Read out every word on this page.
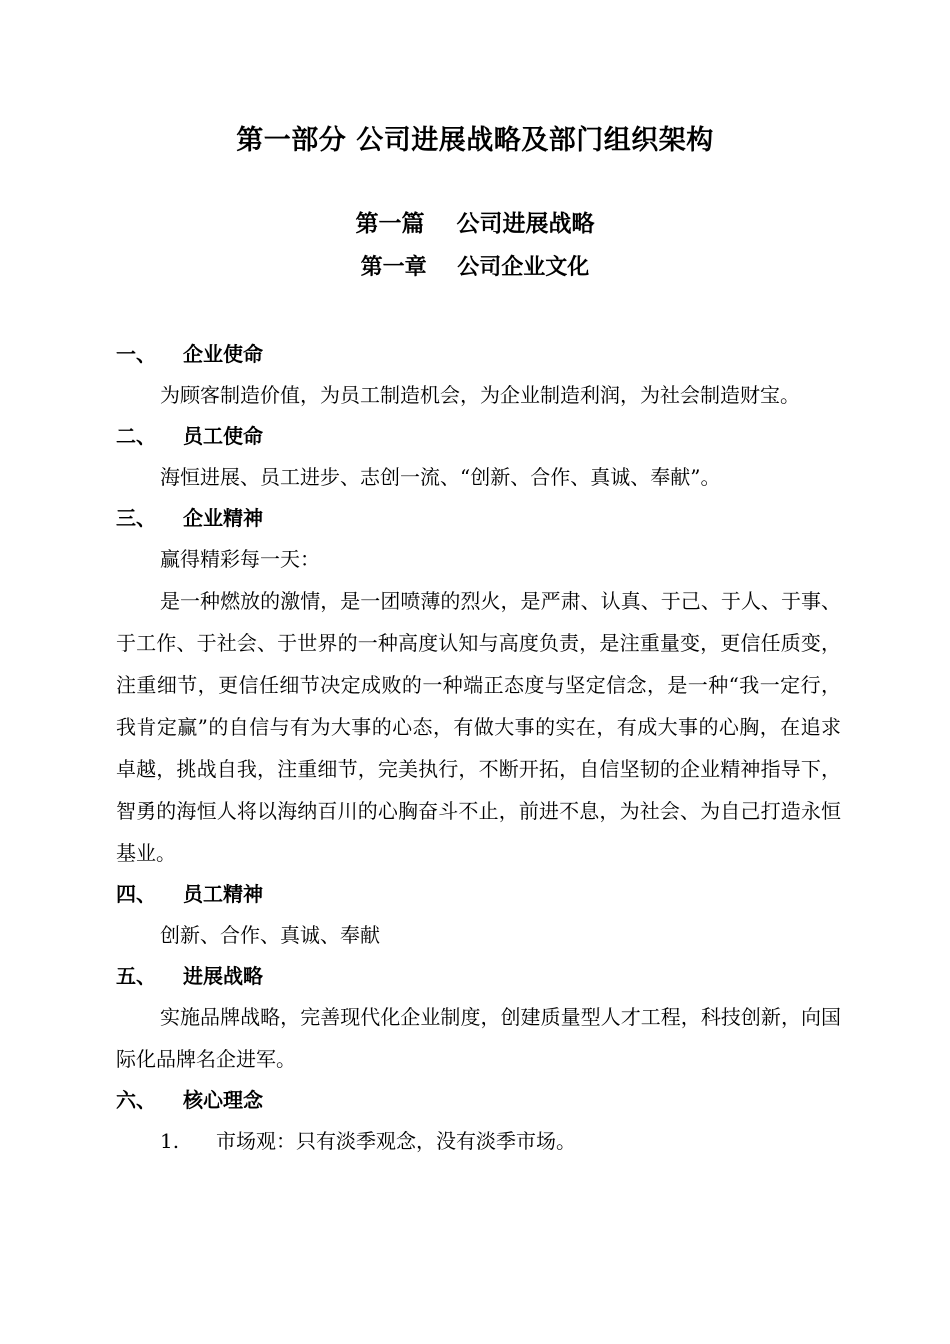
第一部分 公司进展战略及部门组织架构
第一篇    公司进展战略
第一章    公司企业文化
一、 企业使命

为顾客制造价值，为员工制造机会，为企业制造利润，为社会制造财宝。

二、 员工使命

海恒进展、员工进步、志创一流、“创新、合作、真诚、奉献”。

三、 企业精神

赢得精彩每一天：

是一种燃放的激情，是一团喷薄的烈火，是严肃、认真、于己、于人、于事、于工作、于社会、于世界的一种高度认知与高度负责，是注重量变，更信任质变，注重细节，更信任细节决定成败的一种端正态度与坚定信念，是一种“我一定行，我肯定赢”的自信与有为大事的心态，有做大事的实在，有成大事的心胸，在追求卓越，挑战自我，注重细节，完美执行，不断开拓，自信坚韧的企业精神指导下，智勇的海恒人将以海纳百川的心胸奋斗不止，前进不息，为社会、为自己打造永恒基业。

四、 员工精神

创新、合作、真诚、奉献

五、 进展战略

实施品牌战略，完善现代化企业制度，创建质量型人才工程，科技创新，向国际化品牌名企进军。

六、 核心理念
1. 市场观：只有淡季观念，没有淡季市场。
